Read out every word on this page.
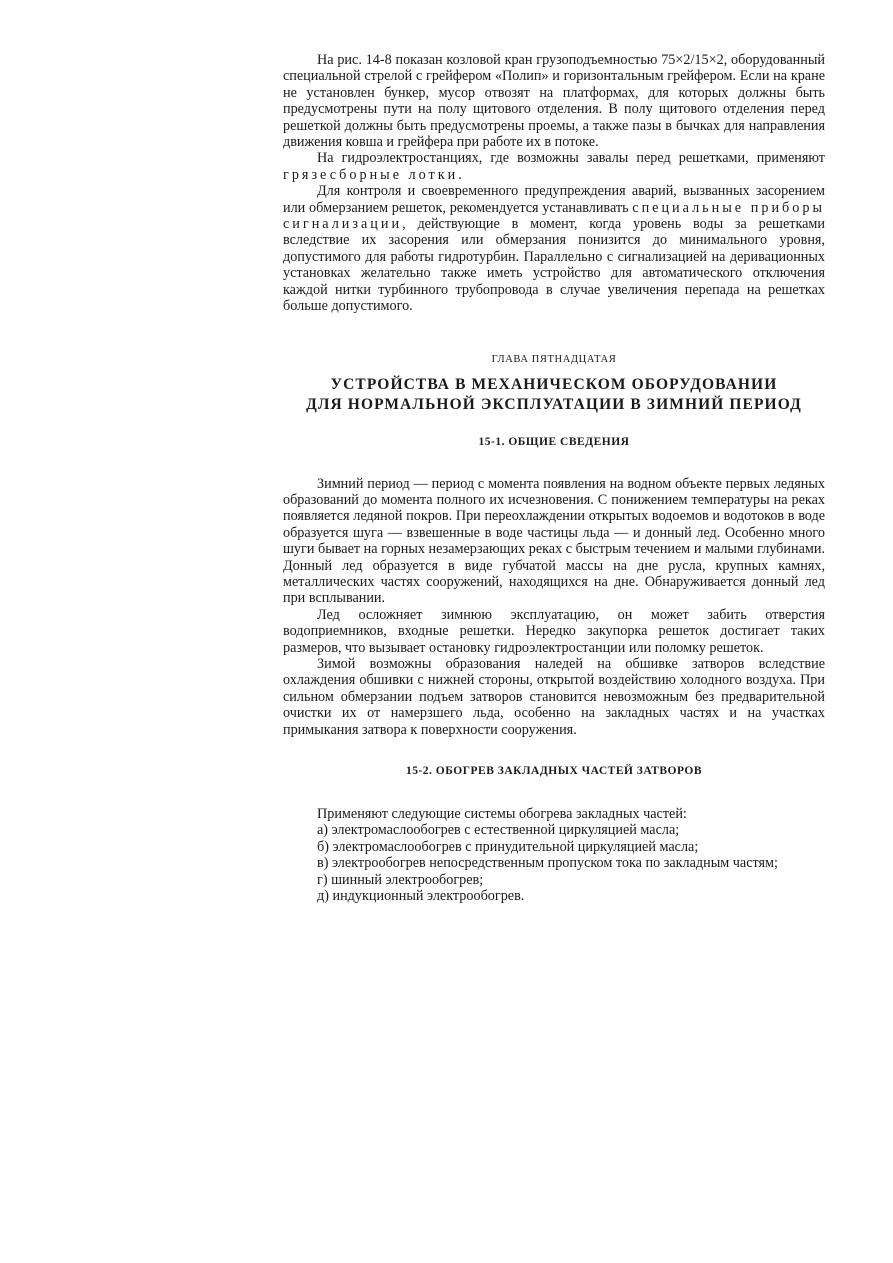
На рис. 14-8 показан козловой кран грузоподъемностью 75×2/15×2, оборудованный специальной стрелой с грейфером «Полип» и горизонтальным грейфером. Если на кране не установлен бункер, мусор отвозят на платформах, для которых должны быть предусмотрены пути на полу щитового отделения. В полу щитового отделения перед решеткой должны быть предусмотрены проемы, а также пазы в бычках для направления движения ковша и грейфера при работе их в потоке.

На гидроэлектростанциях, где возможны завалы перед решетками, применяют грязесборные лотки.

Для контроля и своевременного предупреждения аварий, вызванных засорением или обмерзанием решеток, рекомендуется устанавливать специальные приборы сигнализации, действующие в момент, когда уровень воды за решетками вследствие их засорения или обмерзания понизится до минимального уровня, допустимого для работы гидротурбин. Параллельно с сигнализацией на деривационных установках желательно также иметь устройство для автоматического отключения каждой нитки турбинного трубопровода в случае увеличения перепада на решетках больше допустимого.

ГЛАВА ПЯТНАДЦАТАЯ
УСТРОЙСТВА В МЕХАНИЧЕСКОМ ОБОРУДОВАНИИ
ДЛЯ НОРМАЛЬНОЙ ЭКСПЛУАТАЦИИ В ЗИМНИЙ ПЕРИОД
15-1. ОБЩИЕ СВЕДЕНИЯ

Зимний период — период с момента появления на водном объекте первых ледяных образований до момента полного их исчезновения. С понижением температуры на реках появляется ледяной покров. При переохлаждении открытых водоемов и водотоков в воде образуется шуга — взвешенные в воде частицы льда — и донный лед. Особенно много шуги бывает на горных незамерзающих реках с быстрым течением и малыми глубинами. Донный лед образуется в виде губчатой массы на дне русла, крупных камнях, металлических частях сооружений, находящихся на дне. Обнаруживается донный лед при всплывании.

Лед осложняет зимнюю эксплуатацию, он может забить отверстия водоприемников, входные решетки. Нередко закупорка решеток достигает таких размеров, что вызывает остановку гидроэлектростанции или поломку решеток.

Зимой возможны образования наледей на обшивке затворов вследствие охлаждения обшивки с нижней стороны, открытой воздействию холодного воздуха. При сильном обмерзании подъем затворов становится невозможным без предварительной очистки их от намерзшего льда, особенно на закладных частях и на участках примыкания затвора к поверхности сооружения.

15-2. ОБОГРЕВ ЗАКЛАДНЫХ ЧАСТЕЙ ЗАТВОРОВ

Применяют следующие системы обогрева закладных частей:

а) электромаслообогрев с естественной циркуляцией масла;

б) электромаслообогрев с принудительной циркуляцией масла;

в) электрообогрев непосредственным пропуском тока по закладным частям;

г) шинный электрообогрев;

д) индукционный электрообогрев.
